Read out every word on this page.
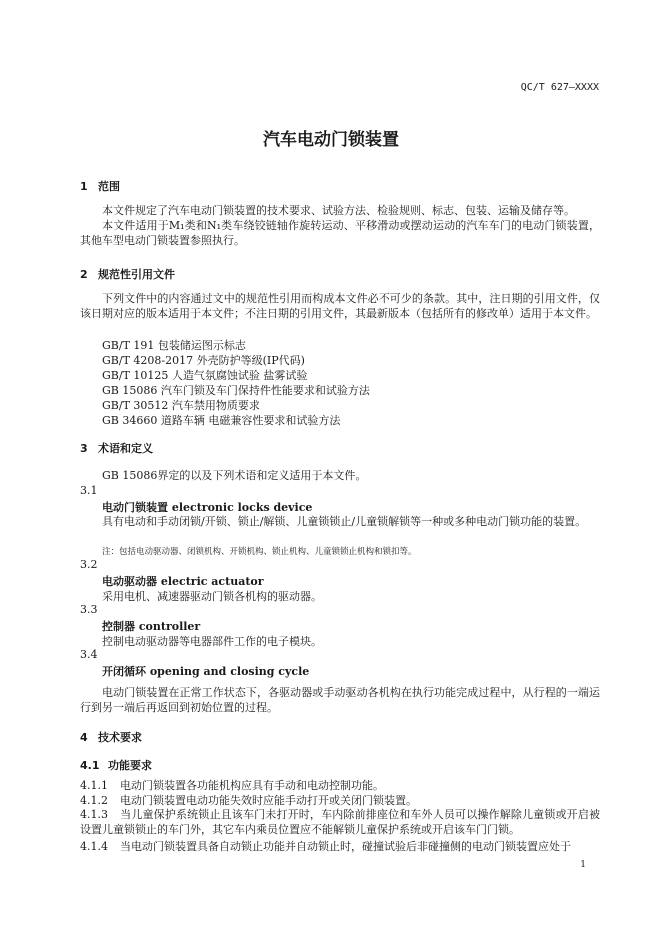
QC/T 627—XXXX
汽车电动门锁装置
1 范围
本文件规定了汽车电动门锁装置的技术要求、试验方法、检验规则、标志、包装、运输及储存等。
本文件适用于M₁类和N₁类车绕铰链轴作旋转运动、平移滑动或摆动运动的汽车车门的电动门锁装置，其他车型电动门锁装置参照执行。
2 规范性引用文件
下列文件中的内容通过文中的规范性引用而构成本文件必不可少的条款。其中，注日期的引用文件，仅该日期对应的版本适用于本文件；不注日期的引用文件，其最新版本（包括所有的修改单）适用于本文件。
GB/T 191 包装储运图示标志
GB/T 4208-2017 外壳防护等级(IP代码)
GB/T 10125 人造气氛腐蚀试验 盐雾试验
GB 15086 汽车门锁及车门保持件性能要求和试验方法
GB/T 30512 汽车禁用物质要求
GB 34660 道路车辆 电磁兼容性要求和试验方法
3 术语和定义
GB 15086界定的以及下列术语和定义适用于本文件。
3.1
电动门锁装置 electronic locks device
具有电动和手动闭锁/开锁、锁止/解锁、儿童锁锁止/儿童锁解锁等一种或多种电动门锁功能的装置。
注：包括电动驱动器、闭锁机构、开锁机构、锁止机构、儿童锁锁止机构和锁扣等。
3.2
电动驱动器 electric actuator
采用电机、减速器驱动门锁各机构的驱动器。
3.3
控制器 controller
控制电动驱动器等电器部件工作的电子模块。
3.4
开闭循环 opening and closing cycle
电动门锁装置在正常工作状态下，各驱动器或手动驱动各机构在执行功能完成过程中，从行程的一端运行到另一端后再返回到初始位置的过程。
4 技术要求
4.1 功能要求
4.1.1 电动门锁装置各功能机构应具有手动和电动控制功能。
4.1.2 电动门锁装置电动功能失效时应能手动打开或关闭门锁装置。
4.1.3 当儿童保护系统锁止且该车门未打开时，车内除前排座位和车外人员可以操作解除儿童锁或开启被设置儿童锁锁止的车门外，其它车内乘员位置应不能解锁儿童保护系统或开启该车门门锁。
4.1.4 当电动门锁装置具备自动锁止功能并自动锁止时，碰撞试验后非碰撞侧的电动门锁装置应处于
1
